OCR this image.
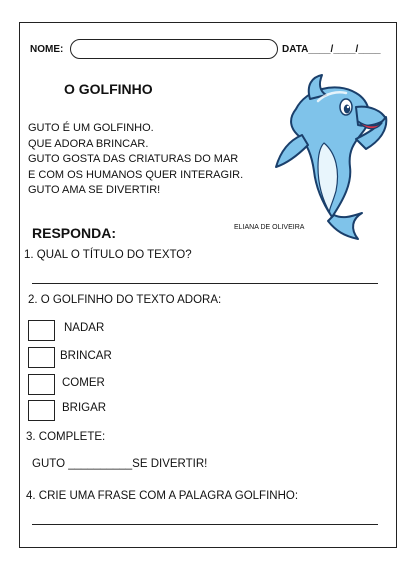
NOME:	DATA____/____/____
O GOLFINHO
GUTO É UM GOLFINHO.
QUE ADORA BRINCAR.
GUTO GOSTA DAS CRIATURAS DO MAR
E COM OS HUMANOS QUER INTERAGIR.
GUTO AMA SE DIVERTIR!
RESPONDA:	ELIANA DE OLIVEIRA
1. QUAL O TÍTULO DO TEXTO?
2. O GOLFINHO DO TEXTO ADORA:
NADAR
BRINCAR
COMER
BRIGAR
3. COMPLETE:
GUTO __________SE DIVERTIR!
4. CRIE UMA FRASE COM A PALAGRA GOLFINHO:
